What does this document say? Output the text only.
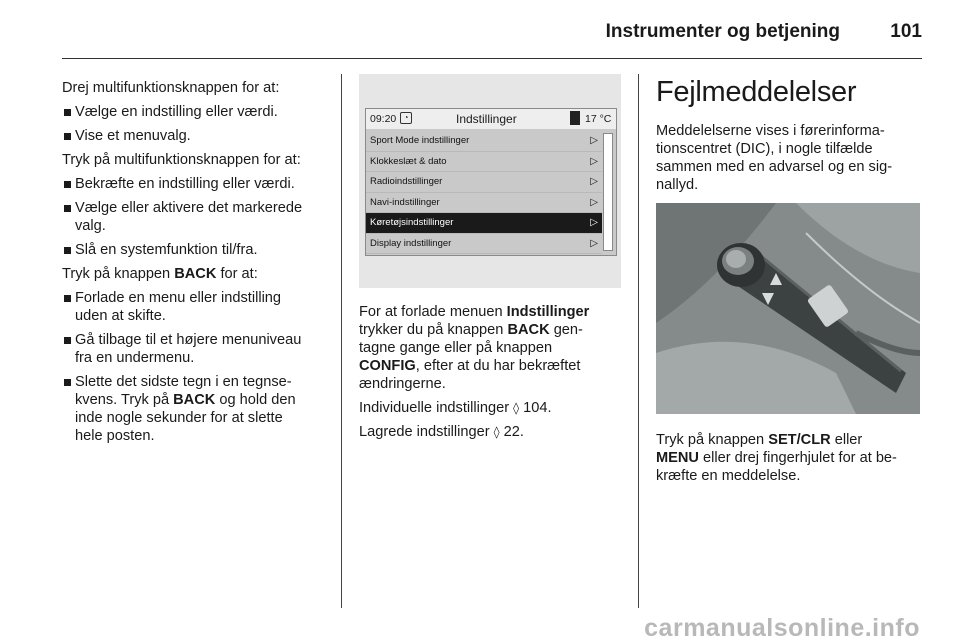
Instrumenter og betjening	101

Drej multifunktionsknappen for at:

Vælge en indstilling eller værdi.
Vise et menuvalg.

Tryk på multifunktionsknappen for at:

Bekræfte en indstilling eller værdi.
Vælge eller aktivere det markerede
valg.
Slå en systemfunktion til/fra.

Tryk på knappen BACK for at:

Forlade en menu eller indstilling
uden at skifte.
Gå tilbage til et højere menuniveau
fra en undermenu.
Slette det sidste tegn i en tegnse-
kvens. Tryk på BACK og hold den
inde nogle sekunder for at slette
hele posten.
09:20 ◔	Indstillinger	17 °C
Sport Mode indstillinger	▷
Klokkeslæt & dato	▷
Radioindstillinger	▷
Navi-indstillinger	▷
Køretøjsindstillinger	▷
Display indstillinger	▷

For at forlade menuen Indstillinger
trykker du på knappen BACK gen-
tagne gange eller på knappen
CONFIG, efter at du har bekræftet
ændringerne.

Individuelle indstillinger ◊ 104.

Lagrede indstillinger ◊ 22.

Fejlmeddelelser

Meddelelserne vises i førerinforma-
tionscentret (DIC), i nogle tilfælde
sammen med en advarsel og en sig-
nallyd.

Tryk på knappen SET/CLR eller
MENU eller drej fingerhjulet for at be-
kræfte en meddelelse.

carmanualsonline.info
